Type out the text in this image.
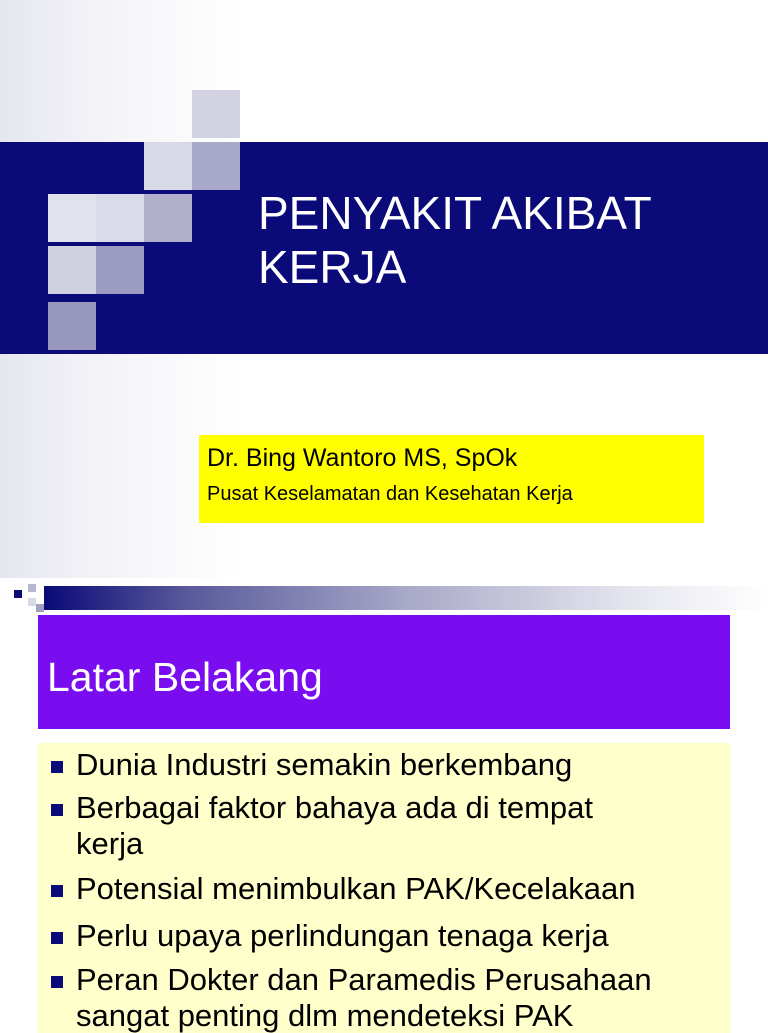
PENYAKIT AKIBAT
KERJA
Dr. Bing Wantoro MS, SpOk
Pusat Keselamatan dan Kesehatan Kerja
Latar Belakang
Dunia Industri semakin berkembang
Berbagai faktor bahaya ada di tempat
kerja
Potensial menimbulkan PAK/Kecelakaan
Perlu upaya perlindungan tenaga kerja
Peran Dokter dan Paramedis Perusahaan
sangat penting dlm mendeteksi PAK
